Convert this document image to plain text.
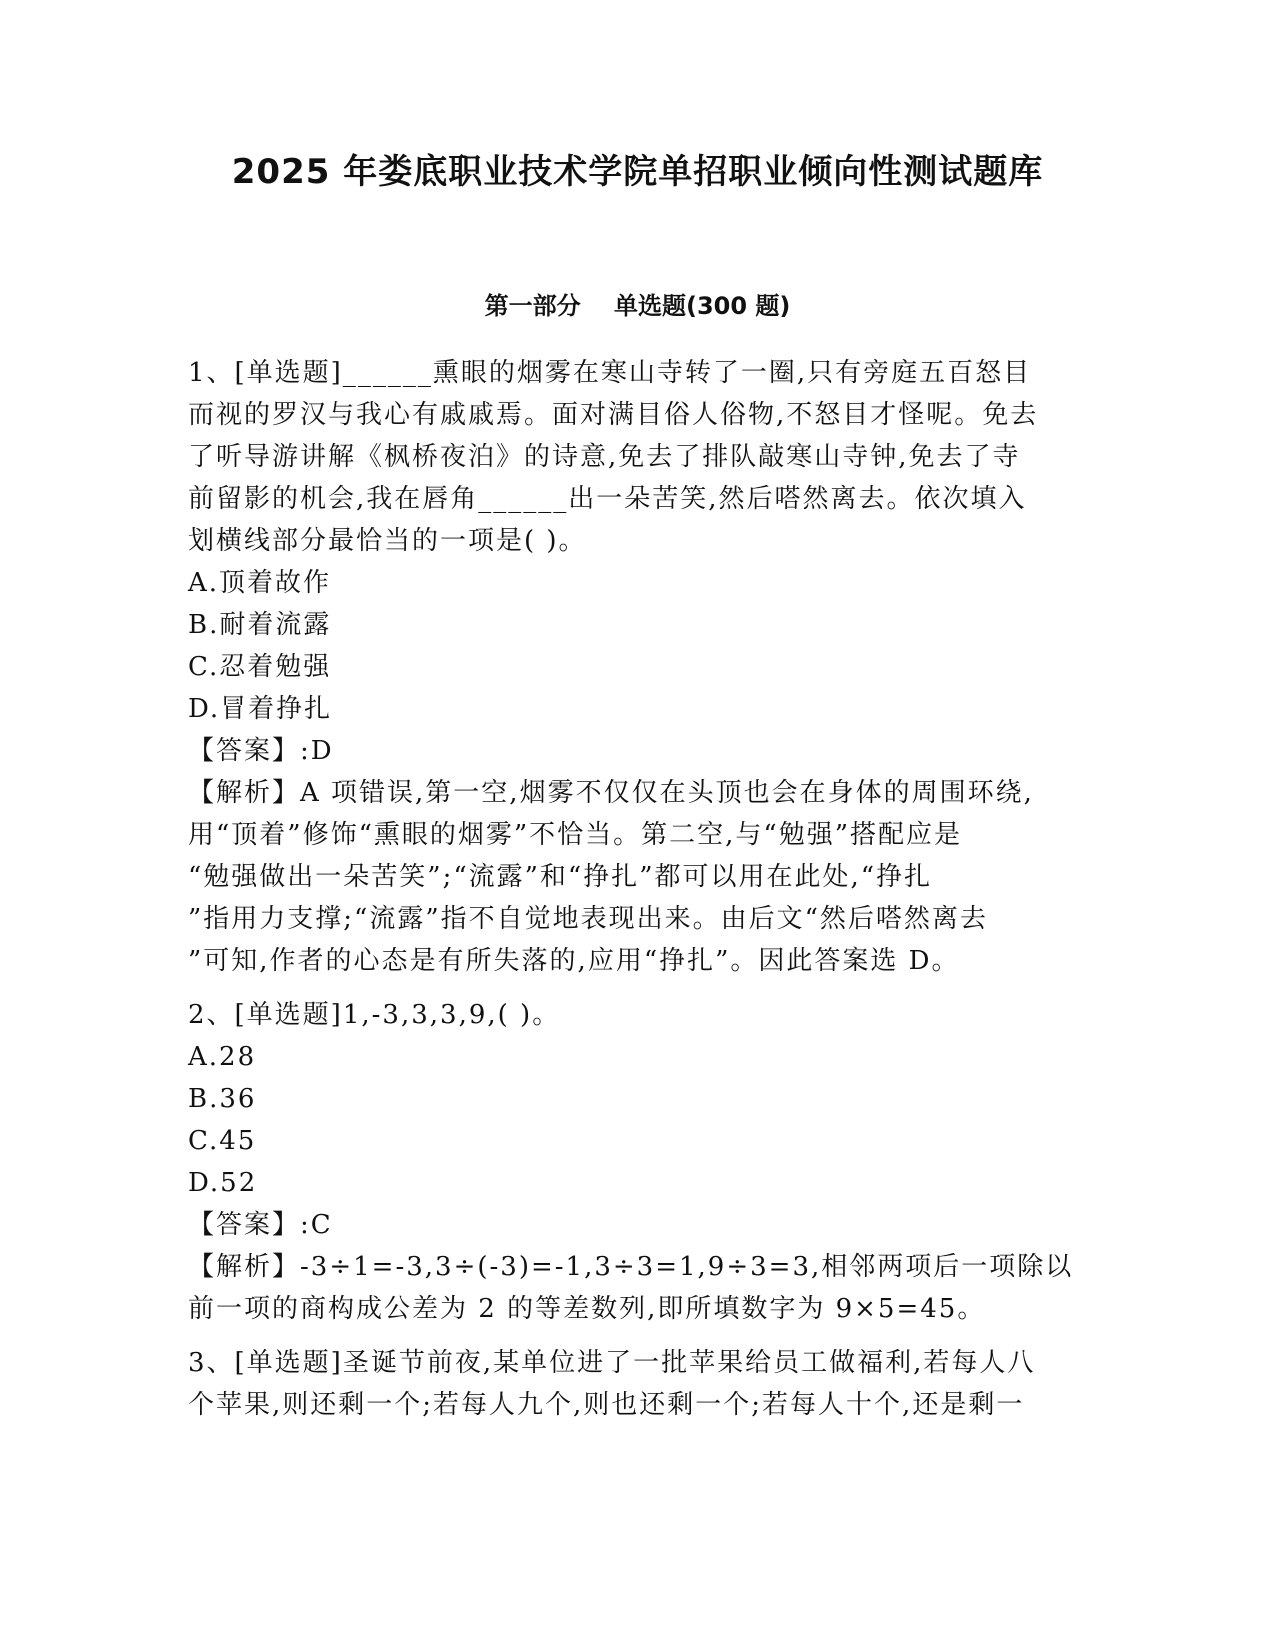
2025 年娄底职业技术学院单招职业倾向性测试题库
第一部分    单选题(300 题)
1、[单选题]______熏眼的烟雾在寒山寺转了一圈,只有旁庭五百怒目
而视的罗汉与我心有戚戚焉。面对满目俗人俗物,不怒目才怪呢。免去
了听导游讲解《枫桥夜泊》的诗意,免去了排队敲寒山寺钟,免去了寺
前留影的机会,我在唇角______出一朵苦笑,然后嗒然离去。依次填入
划横线部分最恰当的一项是( )。
A.顶着故作
B.耐着流露
C.忍着勉强
D.冒着挣扎
【答案】:D
【解析】A 项错误,第一空,烟雾不仅仅在头顶也会在身体的周围环绕,
用“顶着”修饰“熏眼的烟雾”不恰当。第二空,与“勉强”搭配应是
“勉强做出一朵苦笑”;“流露”和“挣扎”都可以用在此处,“挣扎
”指用力支撑;“流露”指不自觉地表现出来。由后文“然后嗒然离去
”可知,作者的心态是有所失落的,应用“挣扎”。因此答案选 D。
2、[单选题]1,-3,3,3,9,( )。
A.28
B.36
C.45
D.52
【答案】:C
【解析】-3÷1=-3,3÷(-3)=-1,3÷3=1,9÷3=3,相邻两项后一项除以
前一项的商构成公差为 2 的等差数列,即所填数字为 9×5=45。
3、[单选题]圣诞节前夜,某单位进了一批苹果给员工做福利,若每人八
个苹果,则还剩一个;若每人九个,则也还剩一个;若每人十个,还是剩一
